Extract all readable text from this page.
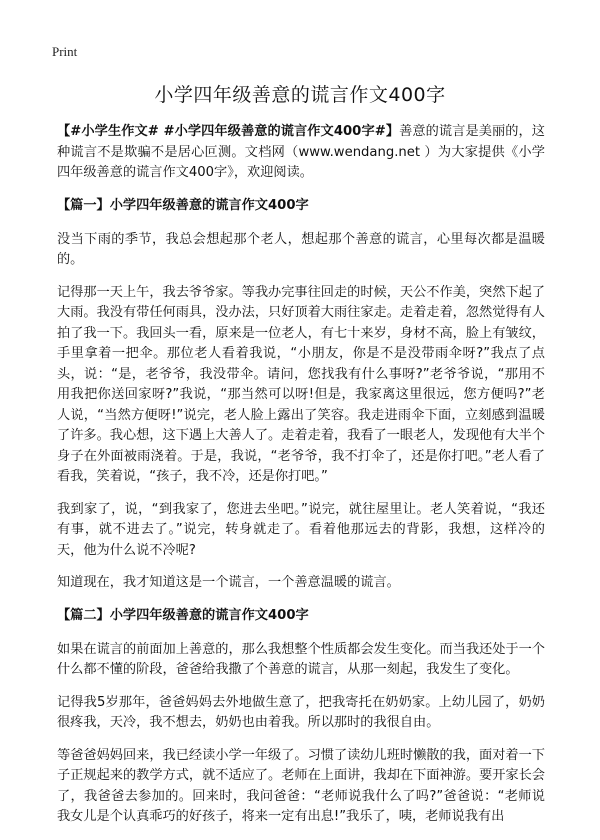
Print
小学四年级善意的谎言作文400字

【#小学生作文# #小学四年级善意的谎言作文400字#】善意的谎言是美丽的，这种谎言不是欺骗不是居心叵测。文档网（www.wendang.net ）为大家提供《小学四年级善意的谎言作文400字》，欢迎阅读。

【篇一】小学四年级善意的谎言作文400字

没当下雨的季节，我总会想起那个老人，想起那个善意的谎言，心里每次都是温暖的。

记得那一天上午，我去爷爷家。等我办完事往回走的时候，天公不作美，突然下起了大雨。我没有带任何雨具，没办法，只好顶着大雨往家走。走着走着，忽然觉得有人拍了我一下。我回头一看，原来是一位老人，有七十来岁，身材不高，脸上有皱纹，手里拿着一把伞。那位老人看着我说，“小朋友，你是不是没带雨伞呀?”我点了点头，说：“是，老爷爷，我没带伞。请问，您找我有什么事呀?”老爷爷说，“那用不用我把你送回家呀?”我说，“那当然可以呀!但是，我家离这里很远，您方便吗?”老人说，“当然方便呀!”说完，老人脸上露出了笑容。我走进雨伞下面，立刻感到温暖了许多。我心想，这下遇上大善人了。走着走着，我看了一眼老人，发现他有大半个身子在外面被雨浇着。于是，我说，“老爷爷，我不打伞了，还是你打吧。”老人看了看我，笑着说，“孩子，我不冷，还是你打吧。”

我到家了，说，“到我家了，您进去坐吧。”说完，就往屋里让。老人笑着说，“我还有事，就不进去了。”说完，转身就走了。看着他那远去的背影，我想，这样冷的天，他为什么说不冷呢?

知道现在，我才知道这是一个谎言，一个善意温暖的谎言。

【篇二】小学四年级善意的谎言作文400字

如果在谎言的前面加上善意的，那么我想整个性质都会发生变化。而当我还处于一个什么都不懂的阶段，爸爸给我撒了个善意的谎言，从那一刻起，我发生了变化。

记得我5岁那年，爸爸妈妈去外地做生意了，把我寄托在奶奶家。上幼儿园了，奶奶很疼我，天冷，我不想去，奶奶也由着我。所以那时的我很自由。

等爸爸妈妈回来，我已经读小学一年级了。习惯了读幼儿班时懒散的我，面对着一下子正规起来的教学方式，就不适应了。老师在上面讲，我却在下面神游。要开家长会了，我爸爸去参加的。回来时，我问爸爸：“老师说我什么了吗?”爸爸说：“老师说我女儿是个认真乖巧的好孩子，将来一定有出息!”我乐了，咦，老师说我有出
